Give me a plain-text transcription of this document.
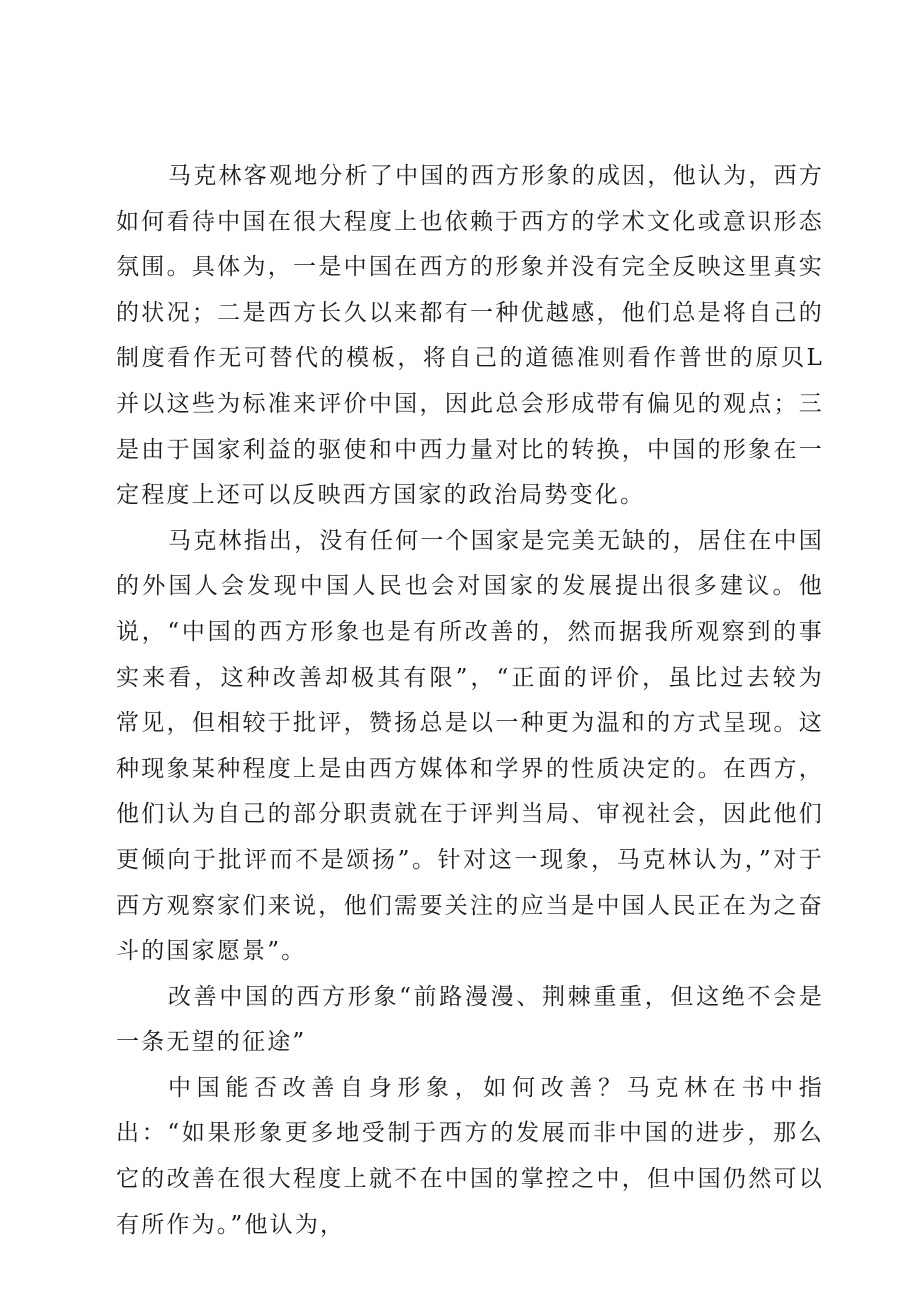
马克林客观地分析了中国的西方形象的成因，他认为，西方如何看待中国在很大程度上也依赖于西方的学术文化或意识形态氛围。具体为，一是中国在西方的形象并没有完全反映这里真实的状况；二是西方长久以来都有一种优越感，他们总是将自己的制度看作无可替代的模板，将自己的道德准则看作普世的原贝L并以这些为标准来评价中国，因此总会形成带有偏见的观点；三是由于国家利益的驱使和中西力量对比的转换，中国的形象在一定程度上还可以反映西方国家的政治局势变化。

马克林指出，没有任何一个国家是完美无缺的，居住在中国的外国人会发现中国人民也会对国家的发展提出很多建议。他说，“中国的西方形象也是有所改善的，然而据我所观察到的事实来看，这种改善却极其有限”，“正面的评价，虽比过去较为常见，但相较于批评，赞扬总是以一种更为温和的方式呈现。这种现象某种程度上是由西方媒体和学界的性质决定的。在西方，他们认为自己的部分职责就在于评判当局、审视社会，因此他们更倾向于批评而不是颂扬”。针对这一现象，马克林认为，”对于西方观察家们来说，他们需要关注的应当是中国人民正在为之奋斗的国家愿景”。

改善中国的西方形象“前路漫漫、荆棘重重，但这绝不会是一条无望的征途”

中国能否改善自身形象，如何改善？马克林在书中指出：“如果形象更多地受制于西方的发展而非中国的进步，那么它的改善在很大程度上就不在中国的掌控之中，但中国仍然可以有所作为。”他认为，
